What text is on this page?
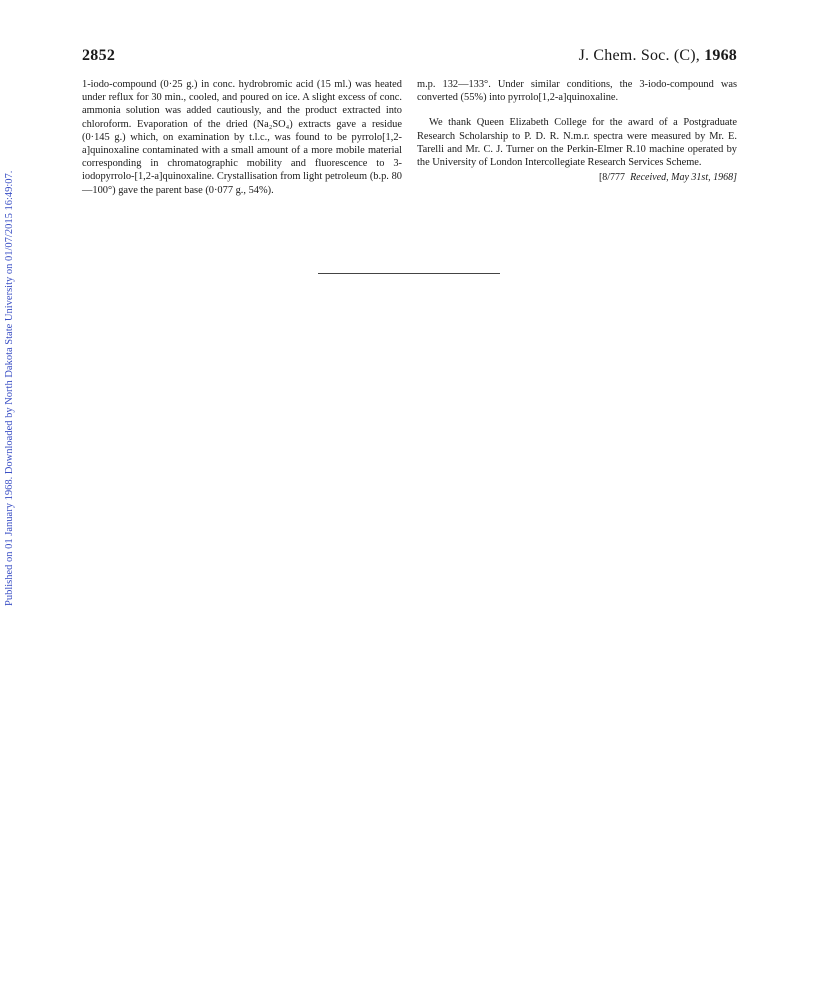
Published on 01 January 1968. Downloaded by North Dakota State University on 01/07/2015 16:49:07.
2852	J. Chem. Soc. (C), 1968

1-iodo-compound (0·25 g.) in conc. hydrobromic acid (15 ml.) was heated under reflux for 30 min., cooled, and poured on ice. A slight excess of conc. ammonia solution was added cautiously, and the product extracted into chloroform. Evaporation of the dried (Na₂SO₄) extracts gave a residue (0·145 g.) which, on examination by t.l.c., was found to be pyrrolo[1,2-a]quinoxaline contaminated with a small amount of a more mobile material corresponding in chromatographic mobility and fluorescence to 3-iodopyrrolo-[1,2-a]quinoxaline. Crystallisation from light petroleum (b.p. 80—100°) gave the parent base (0·077 g., 54%).

m.p. 132—133°. Under similar conditions, the 3-iodo-compound was converted (55%) into pyrrolo[1,2-a]quinoxaline.

We thank Queen Elizabeth College for the award of a Postgraduate Research Scholarship to P. D. R. N.m.r. spectra were measured by Mr. E. Tarelli and Mr. C. J. Turner on the Perkin-Elmer R.10 machine operated by the University of London Intercollegiate Research Services Scheme.

[8/777 Received, May 31st, 1968]
